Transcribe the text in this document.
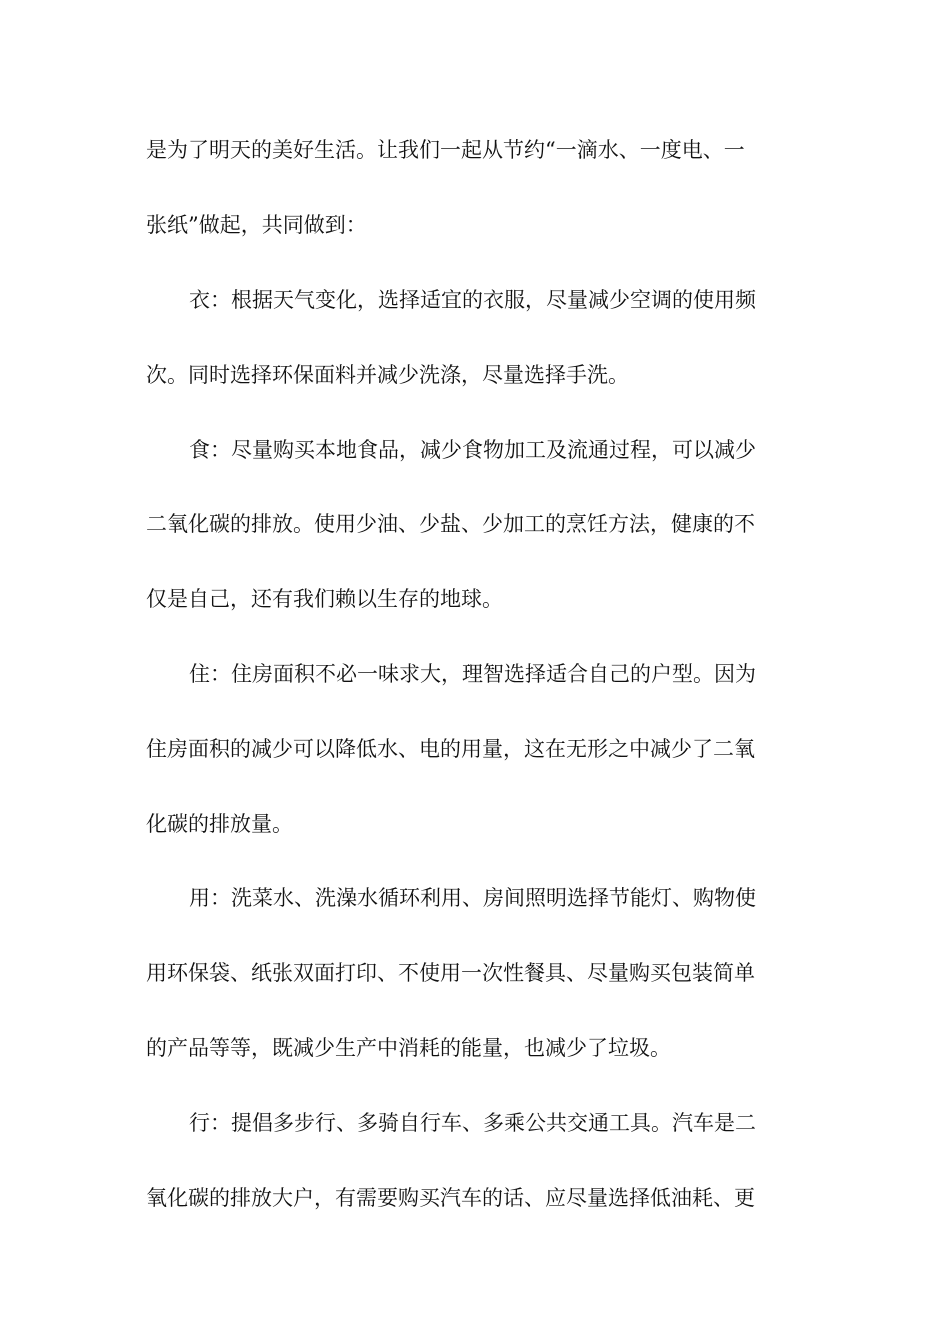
是为了明天的美好生活。让我们一起从节约“一滴水、一度电、一
张纸”做起，共同做到：
衣：根据天气变化，选择适宜的衣服，尽量减少空调的使用频
次。同时选择环保面料并减少洗涤，尽量选择手洗。
食：尽量购买本地食品，减少食物加工及流通过程，可以减少
二氧化碳的排放。使用少油、少盐、少加工的烹饪方法，健康的不
仅是自己，还有我们赖以生存的地球。
住：住房面积不必一味求大，理智选择适合自己的户型。因为
住房面积的减少可以降低水、电的用量，这在无形之中减少了二氧
化碳的排放量。
用：洗菜水、洗澡水循环利用、房间照明选择节能灯、购物使
用环保袋、纸张双面打印、不使用一次性餐具、尽量购买包装简单
的产品等等，既减少生产中消耗的能量，也减少了垃圾。
行：提倡多步行、多骑自行车、多乘公共交通工具。汽车是二
氧化碳的排放大户，有需要购买汽车的话、应尽量选择低油耗、更
